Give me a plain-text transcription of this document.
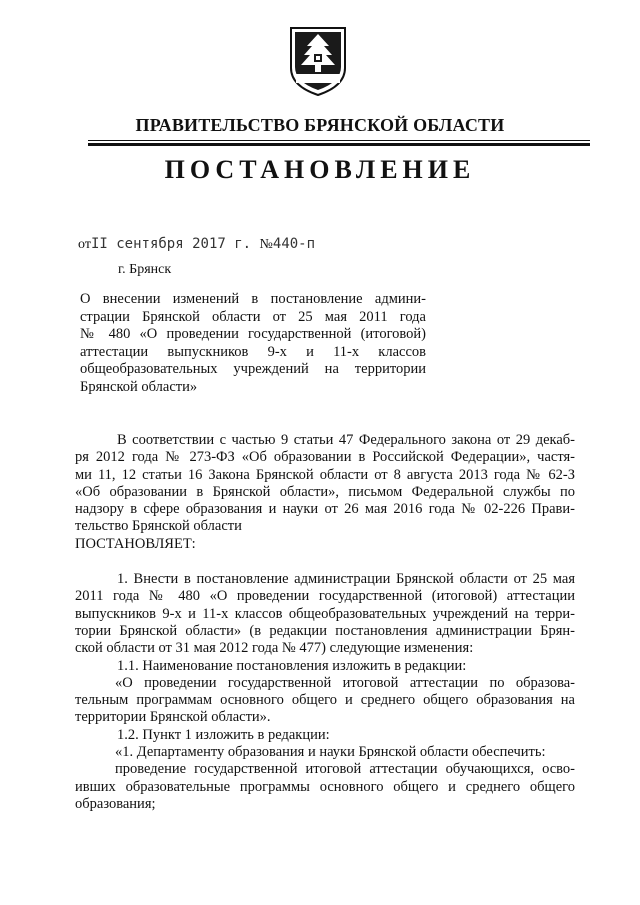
ПРАВИТЕЛЬСТВО БРЯНСКОЙ ОБЛАСТИ
ПОСТАНОВЛЕНИЕ
отII сентября 2017 г. №440-п
г. Брянск
О внесении изменений в постановление админи-
страции Брянской области от 25 мая 2011 года
№ 480 «О проведении государственной (итоговой)
аттестации выпускников 9-х и 11-х классов
общеобразовательных учреждений на территории
Брянской области»
В соответствии с частью 9 статьи 47 Федерального закона от 29 декаб-
ря 2012 года № 273-ФЗ «Об образовании в Российской Федерации», частя-
ми 11, 12 статьи 16 Закона Брянской области от 8 августа 2013 года № 62-З
«Об образовании в Брянской области», письмом Федеральной службы по
надзору в сфере образования и науки от 26 мая 2016 года № 02-226 Прави-
тельство Брянской области
ПОСТАНОВЛЯЕТ:
1. Внести в постановление администрации Брянской области от 25 мая
2011 года № 480 «О проведении государственной (итоговой) аттестации
выпускников 9-х и 11-х классов общеобразовательных учреждений на терри-
тории Брянской области» (в редакции постановления администрации Брян-
ской области от 31 мая 2012 года № 477) следующие изменения:
1.1. Наименование постановления изложить в редакции:
«О проведении государственной итоговой аттестации по образова-
тельным программам основного общего и среднего общего образования на
территории Брянской области».
1.2. Пункт 1 изложить в редакции:
«1. Департаменту образования и науки Брянской области обеспечить:
проведение государственной итоговой аттестации обучающихся, осво-
ивших образовательные программы основного общего и среднего общего
образования;
